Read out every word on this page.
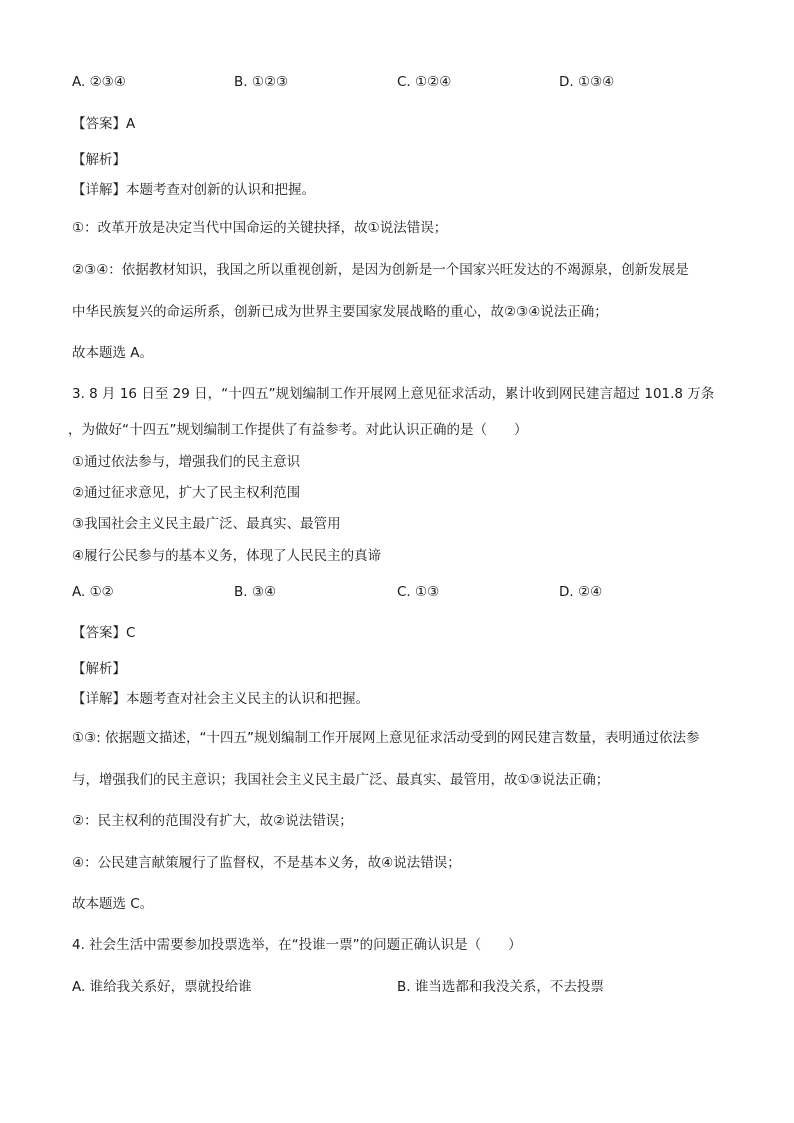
A. ②③④	B. ①②③	C. ①②④	D. ①③④
【答案】A
【解析】
【详解】本题考查对创新的认识和把握。
①：改革开放是决定当代中国命运的关键抉择，故①说法错误；
②③④：依据教材知识，我国之所以重视创新，是因为创新是一个国家兴旺发达的不竭源泉，创新发展是
中华民族复兴的命运所系，创新已成为世界主要国家发展战略的重心，故②③④说法正确；
故本题选 A。
3. 8 月 16 日至 29 日，“十四五”规划编制工作开展网上意见征求活动，累计收到网民建言超过 101.8 万条
，为做好“十四五”规划编制工作提供了有益参考。对此认识正确的是（　　）
①通过依法参与，增强我们的民主意识
②通过征求意见，扩大了民主权利范围
③我国社会主义民主最广泛、最真实、最管用
④履行公民参与的基本义务，体现了人民民主的真谛
A. ①②	B. ③④	C. ①③	D. ②④
【答案】C
【解析】
【详解】本题考查对社会主义民主的认识和把握。
①③: 依据题文描述，“十四五”规划编制工作开展网上意见征求活动受到的网民建言数量，表明通过依法参
与，增强我们的民主意识；我国社会主义民主最广泛、最真实、最管用，故①③说法正确；
②：民主权利的范围没有扩大，故②说法错误；
④：公民建言献策履行了监督权，不是基本义务，故④说法错误；
故本题选 C。
4. 社会生活中需要参加投票选举，在“投谁一票”的问题正确认识是（　　）
A. 谁给我关系好，票就投给谁	B. 谁当选都和我没关系，不去投票
